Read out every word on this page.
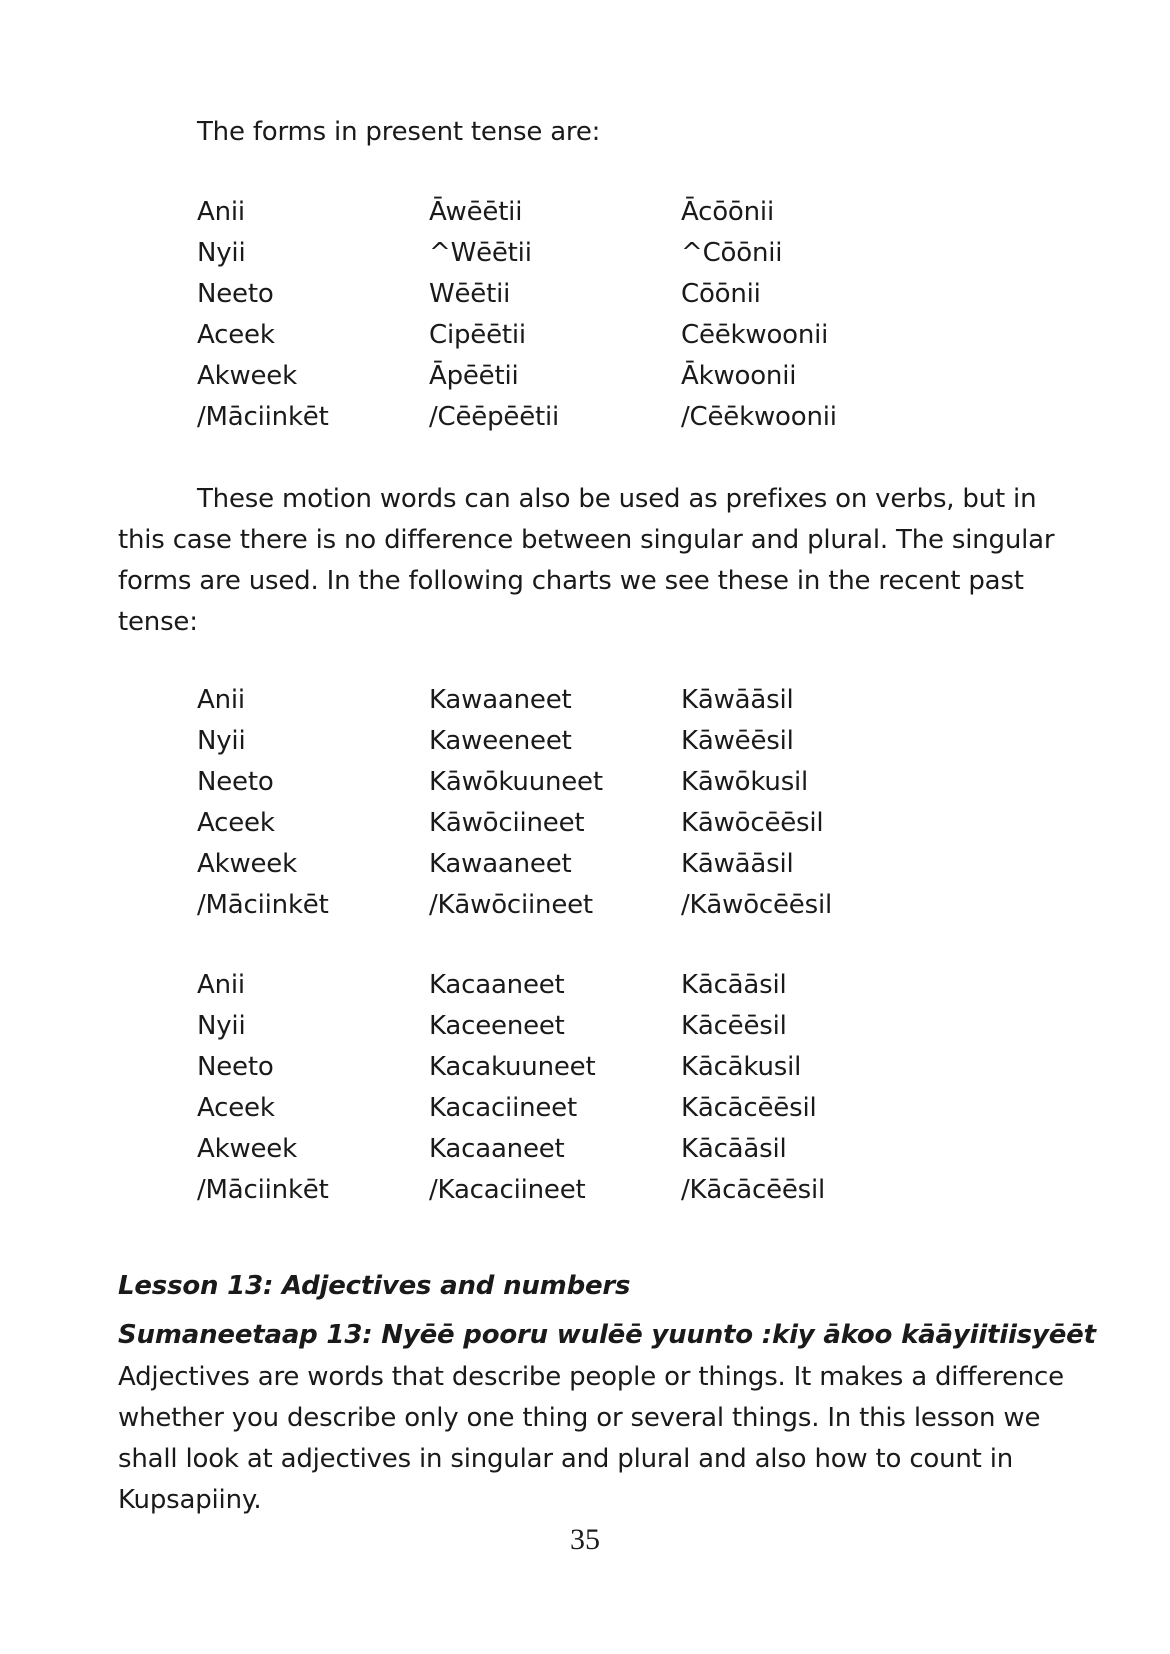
The forms in present tense are:

Anii	Āwēētii	Ācōōnii
Nyii	^Wēētii	^Cōōnii
Neeto	Wēētii	Cōōnii
Aceek	Cipēētii	Cēēkwoonii
Akweek	Āpēētii	Ākwoonii
/Māciinkēt	/Cēēpēētii	/Cēēkwoonii

These motion words can also be used as prefixes on verbs, but in this case there is no difference between singular and plural. The singular forms are used. In the following charts we see these in the recent past tense:

Anii	Kawaaneet	Kāwāāsil
Nyii	Kaweeneet	Kāwēēsil
Neeto	Kāwōkuuneet	Kāwōkusil
Aceek	Kāwōciineet	Kāwōcēēsil
Akweek	Kawaaneet	Kāwāāsil
/Māciinkēt	/Kāwōciineet	/Kāwōcēēsil
Anii	Kacaaneet	Kācāāsil
Nyii	Kaceeneet	Kācēēsil
Neeto	Kacakuuneet	Kācākusil
Aceek	Kacaciineet	Kācācēēsil
Akweek	Kacaaneet	Kācāāsil
/Māciinkēt	/Kacaciineet	/Kācācēēsil
Lesson 13: Adjectives and numbers
Sumaneetaap 13: Nyēē pooru wulēē yuunto :kiy ākoo kāāyiitiisyēēt

Adjectives are words that describe people or things. It makes a difference whether you describe only one thing or several things. In this lesson we shall look at adjectives in singular and plural and also how to count in Kupsapiiny.

35
